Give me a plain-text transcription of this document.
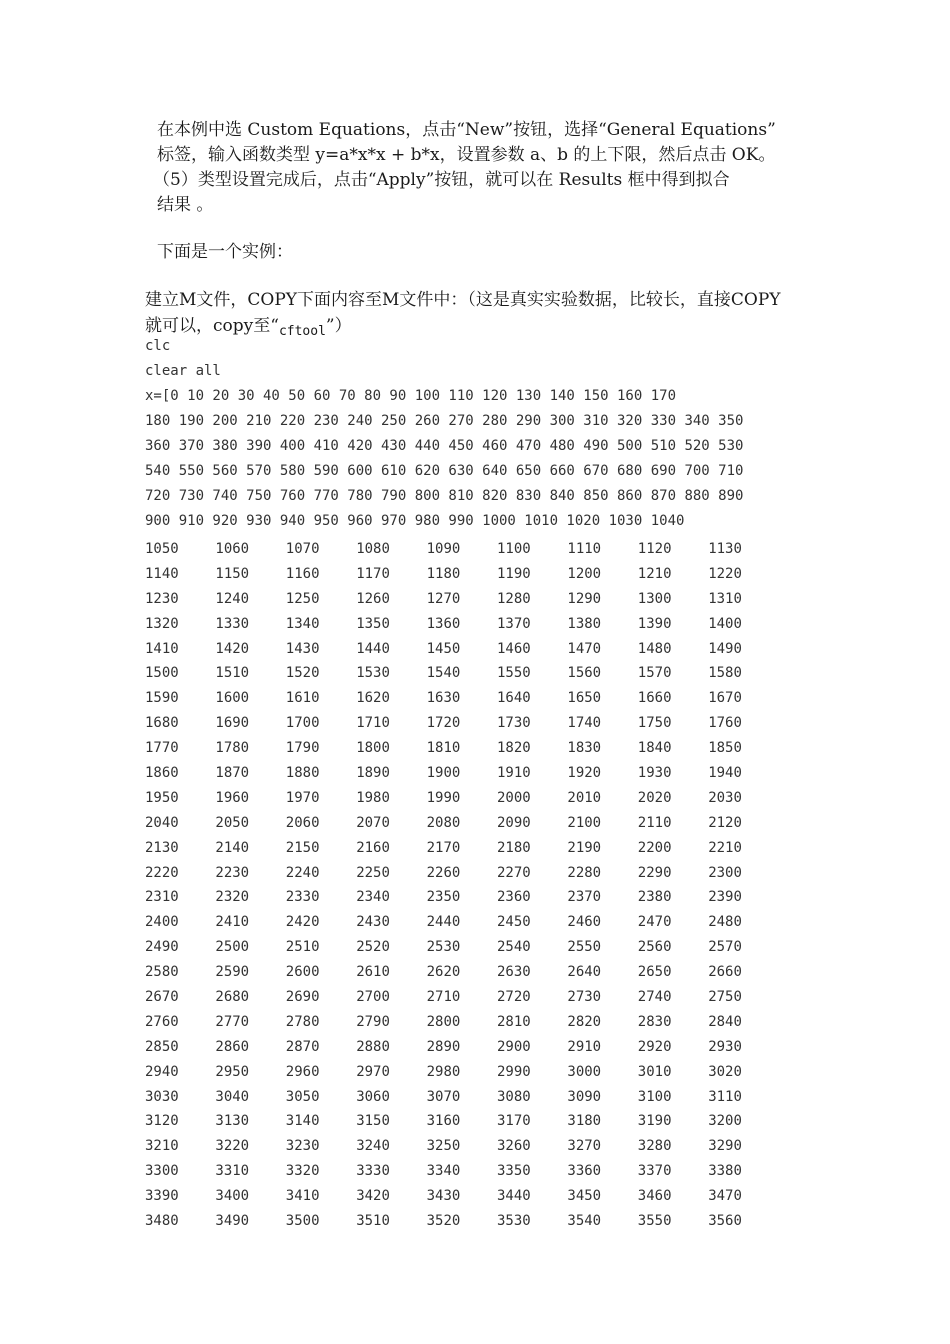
在本例中选 Custom Equations，点击“New”按钮，选择“General Equations”

标签，输入函数类型 y=a*x*x + b*x，设置参数 a、b 的上下限，然后点击 OK。

（5）类型设置完成后，点击“Apply”按钮，就可以在 Results 框中得到拟合

结果 。

下面是一个实例：

建立M文件，COPY下面内容至M文件中：（这是真实实验数据，比较长，直接COPY

就可以，copy至“$_{cftool}$”）

clc
clear all
x=[0 10 20 30 40 50 60 70 80 90 100 110 120 130 140 150 160 170
180 190 200 210 220 230 240 250 260 270 280 290 300 310 320 330 340 350
360 370 380 390 400 410 420 430 440 450 460 470 480 490 500 510 520 530
540 550 560 570 580 590 600 610 620 630 640 650 660 670 680 690 700 710
720 730 740 750 760 770 780 790 800 810 820 830 840 850 860 870 880 890
900 910 920 930 940 950 960 970 980 990 1000 1010 1020 1030 1040
1050	1060	1070	1080	1090	1100	1110	1120	1130
1140	1150	1160	1170	1180	1190	1200	1210	1220
1230	1240	1250	1260	1270	1280	1290	1300	1310
1320	1330	1340	1350	1360	1370	1380	1390	1400
1410	1420	1430	1440	1450	1460	1470	1480	1490
1500	1510	1520	1530	1540	1550	1560	1570	1580
1590	1600	1610	1620	1630	1640	1650	1660	1670
1680	1690	1700	1710	1720	1730	1740	1750	1760
1770	1780	1790	1800	1810	1820	1830	1840	1850
1860	1870	1880	1890	1900	1910	1920	1930	1940
1950	1960	1970	1980	1990	2000	2010	2020	2030
2040	2050	2060	2070	2080	2090	2100	2110	2120
2130	2140	2150	2160	2170	2180	2190	2200	2210
2220	2230	2240	2250	2260	2270	2280	2290	2300
2310	2320	2330	2340	2350	2360	2370	2380	2390
2400	2410	2420	2430	2440	2450	2460	2470	2480
2490	2500	2510	2520	2530	2540	2550	2560	2570
2580	2590	2600	2610	2620	2630	2640	2650	2660
2670	2680	2690	2700	2710	2720	2730	2740	2750
2760	2770	2780	2790	2800	2810	2820	2830	2840
2850	2860	2870	2880	2890	2900	2910	2920	2930
2940	2950	2960	2970	2980	2990	3000	3010	3020
3030	3040	3050	3060	3070	3080	3090	3100	3110
3120	3130	3140	3150	3160	3170	3180	3190	3200
3210	3220	3230	3240	3250	3260	3270	3280	3290
3300	3310	3320	3330	3340	3350	3360	3370	3380
3390	3400	3410	3420	3430	3440	3450	3460	3470
3480	3490	3500	3510	3520	3530	3540	3550	3560
